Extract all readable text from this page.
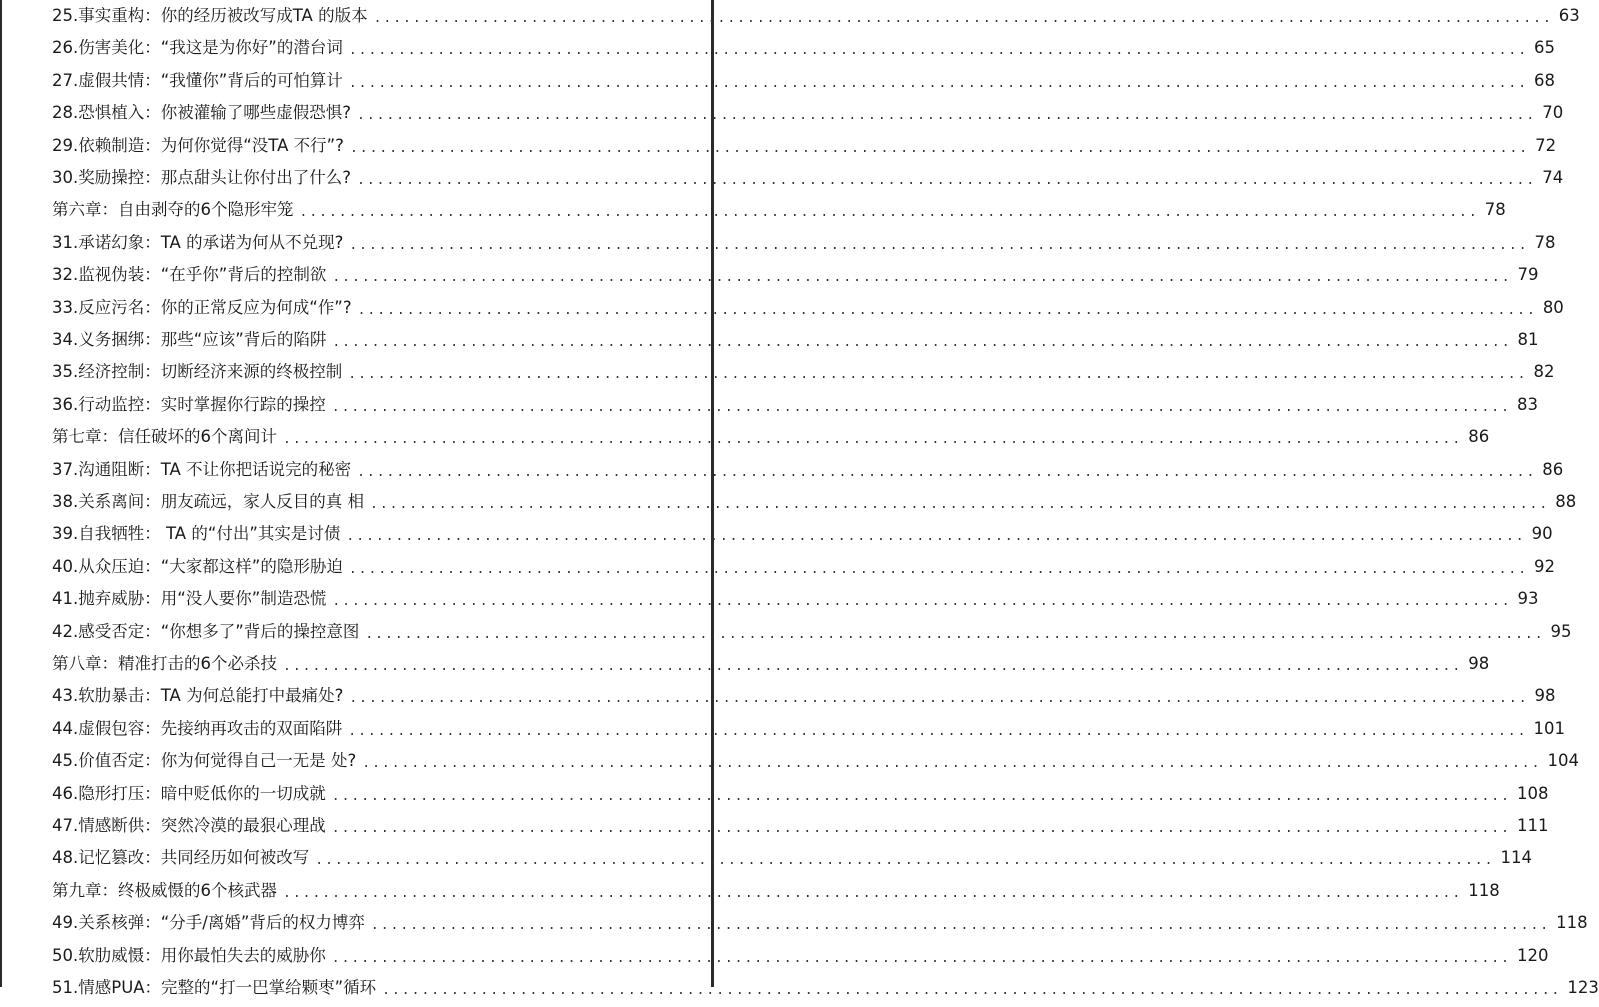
25.事实重构：你的经历被改写成TA 的版本 ........................................................................................................................ 63
26.伤害美化：“我这是为你好”的潜台词 ........................................................................................................................ 65
27.虚假共情：“我懂你”背后的可怕算计 ........................................................................................................................ 68
28.恐惧植入：你被灌输了哪些虚假恐惧? ........................................................................................................................ 70
29.依赖制造：为何你觉得“没TA 不行”? ........................................................................................................................ 72
30.奖励操控：那点甜头让你付出了什么? ........................................................................................................................ 74
第六章：自由剥夺的6个隐形牢笼 ........................................................................................................................ 78
31.承诺幻象：TA 的承诺为何从不兑现? ........................................................................................................................ 78
32.监视伪装：“在乎你”背后的控制欲 ........................................................................................................................ 79
33.反应污名：你的正常反应为何成“作”? ........................................................................................................................ 80
34.义务捆绑：那些“应该”背后的陷阱 ........................................................................................................................ 81
35.经济控制：切断经济来源的终极控制 ........................................................................................................................ 82
36.行动监控：实时掌握你行踪的操控 ........................................................................................................................ 83
第七章：信任破坏的6个离间计 ........................................................................................................................ 86
37.沟通阻断：TA 不让你把话说完的秘密 ........................................................................................................................ 86
38.关系离间：朋友疏远，家人反目的真 相 ........................................................................................................................ 88
39.自我牺牲： TA 的“付出”其实是讨债 ........................................................................................................................ 90
40.从众压迫：“大家都这样”的隐形胁迫 ........................................................................................................................ 92
41.抛弃威胁：用“没人要你”制造恐慌 ........................................................................................................................ 93
42.感受否定：“你想多了”背后的操控意图 ........................................................................................................................ 95
第八章：精准打击的6个必杀技 ........................................................................................................................ 98
43.软肋暴击：TA 为何总能打中最痛处? ........................................................................................................................ 98
44.虚假包容：先接纳再攻击的双面陷阱 ........................................................................................................................ 101
45.价值否定：你为何觉得自己一无是 处? ........................................................................................................................ 104
46.隐形打压：暗中贬低你的一切成就 ........................................................................................................................ 108
47.情感断供：突然冷漠的最狠心理战 ........................................................................................................................ 111
48.记忆篡改：共同经历如何被改写 ........................................................................................................................ 114
第九章：终极威慑的6个核武器 ........................................................................................................................ 118
49.关系核弹：“分手/离婚”背后的权力博弈 ........................................................................................................................ 118
50.软肋威慑：用你最怕失去的威胁你 ........................................................................................................................ 120
51.情感PUA：完整的“打一巴掌给颗枣”循环 ........................................................................................................................ 123
